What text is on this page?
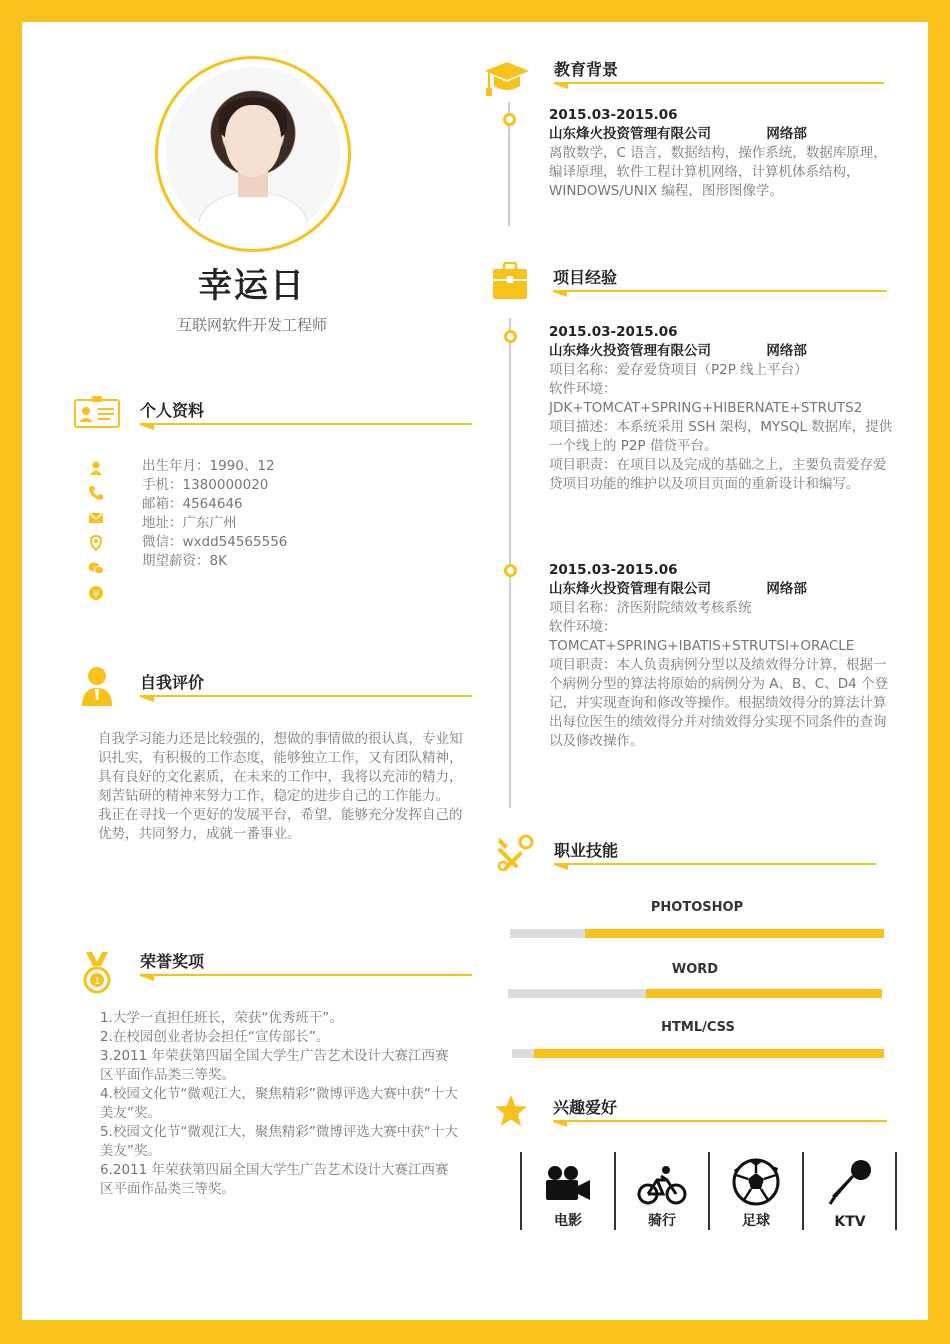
幸运日
互联网软件开发工程师
个人资料
¥
出生年月：1990、12
手机：1380000020
邮箱：4564646
地址：广东广州
微信：wxdd54565556
期望薪资：8K
自我评价
自我学习能力还是比较强的，想做的事情做的很认真，专业知识扎实，有积极的工作态度，能够独立工作，又有团队精神，具有良好的文化素质，在未来的工作中，我将以充沛的精力，刻苦钻研的精神来努力工作，稳定的进步自己的工作能力。
我正在寻找一个更好的发展平台，希望，能够充分发挥自己的优势，共同努力，成就一番事业。
1
荣誉奖项
1.大学一直担任班长，荣获“优秀班干”。
2.在校园创业者协会担任“宣传部长”。
3.2011 年荣获第四届全国大学生广告艺术设计大赛江西赛区平面作品类三等奖。
4.校园文化节“微观江大，聚焦精彩”微博评选大赛中获“十大美友”奖。
5.校园文化节“微观江大，聚焦精彩”微博评选大赛中获“十大美友”奖。
6.2011 年荣获第四届全国大学生广告艺术设计大赛江西赛区平面作品类三等奖。
教育背景
2015.03-2015.06
山东烽火投资管理有限公司	网络部
离散数学，C 语言，数据结构，操作系统，数据库原理，编译原理，软件工程计算机网络，计算机体系结构，WINDOWS/UNIX 编程，图形图像学。
项目经验
2015.03-2015.06
山东烽火投资管理有限公司	网络部
项目名称：爱存爱贷项目（P2P 线上平台）
软件环境：
JDK+TOMCAT+SPRING+HIBERNATE+STRUTS2
项目描述：本系统采用 SSH 架构，MYSQL 数据库，提供一个线上的 P2P 借贷平台。
项目职责：在项目以及完成的基础之上，主要负责爱存爱贷项目功能的维护以及项目页面的重新设计和编写。
2015.03-2015.06
山东烽火投资管理有限公司	网络部
项目名称：济医附院绩效考核系统
软件环境：
TOMCAT+SPRING+IBATIS+STRUTSI+ORACLE
项目职责：本人负责病例分型以及绩效得分计算，根据一个病例分型的算法将原始的病例分为 A、B、C、D4 个登记，并实现查询和修改等操作。根据绩效得分的算法计算出每位医生的绩效得分并对绩效得分实现不同条件的查询以及修改操作。
职业技能
PHOTOSHOP
WORD
HTML/CSS
兴趣爱好
电影	骑行	足球	KTV
